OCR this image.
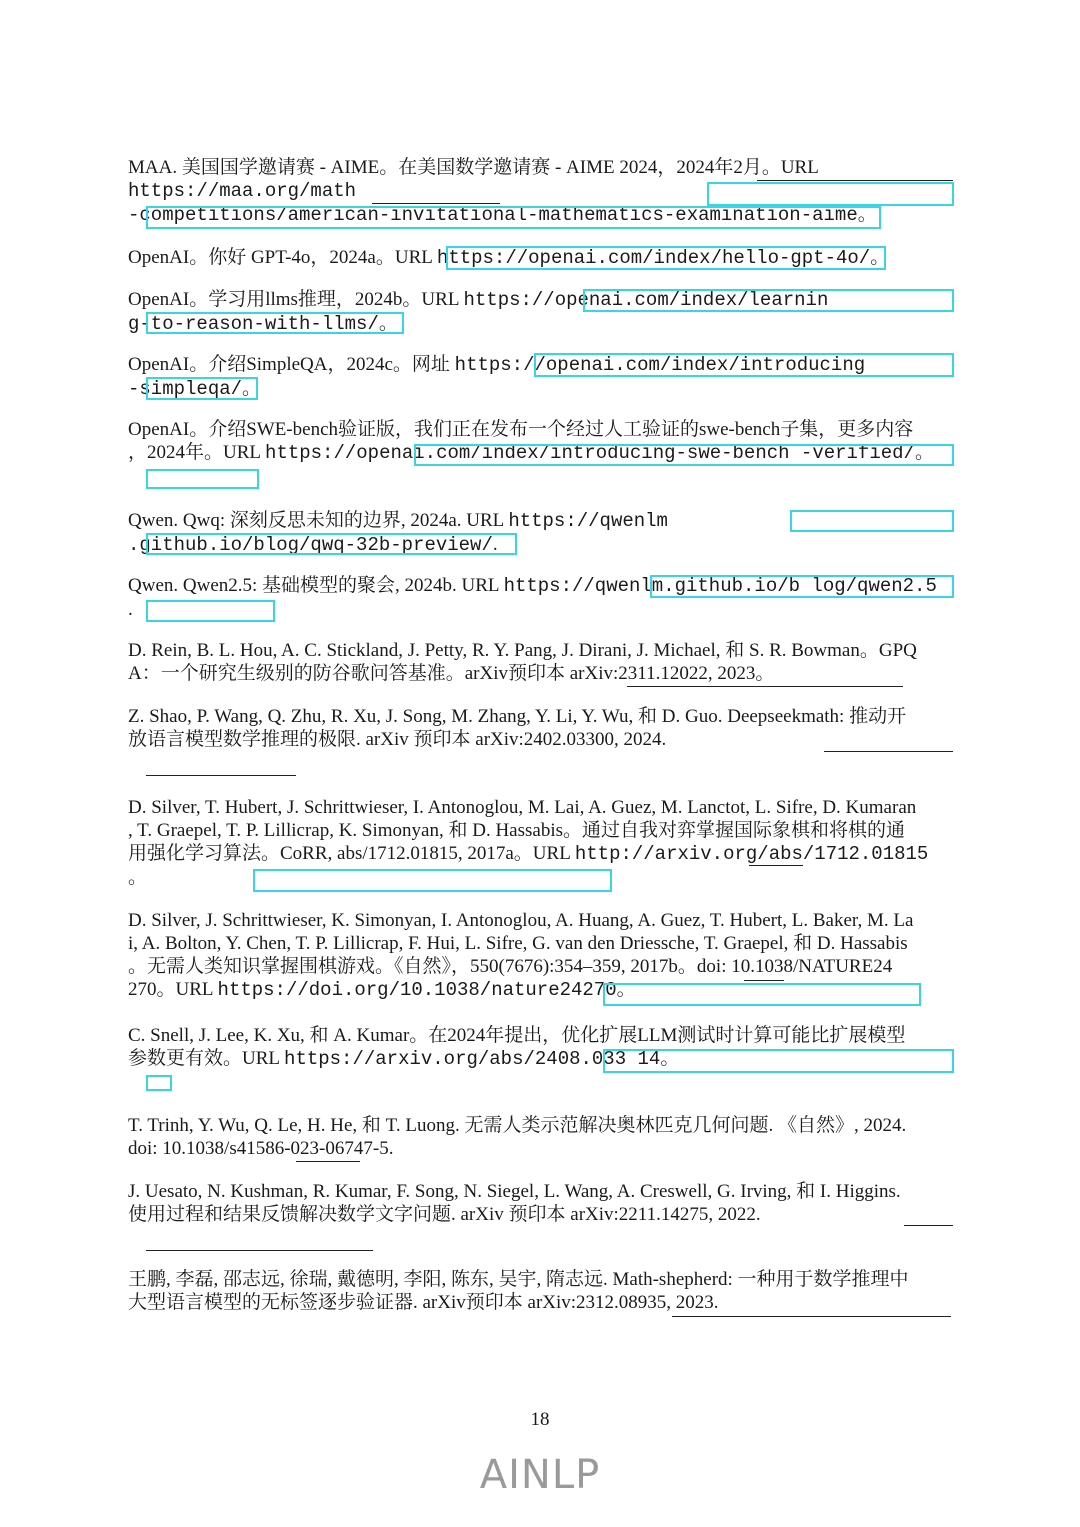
MAA. 美国国学邀请赛 - AIME。在美国数学邀请赛 - AIME 2024，2024年2月。URL

https://maa.org/math

-competitions/american-invitational-mathematics-examination-aime。

OpenAI。你好 GPT-4o，2024a。URL https://openai.com/index/hello-gpt-4o/。

OpenAI。学习用llms推理，2024b。URL https://openai.com/index/learnin

g-to-reason-with-llms/。

OpenAI。介绍SimpleQA，2024c。网址 https://openai.com/index/introducing

-simpleqa/。

OpenAI。介绍SWE-bench验证版，我们正在发布一个经过人工验证的swe-bench子集，更多内容

，2024年。URL https://openai.com/index/introducing-swe-bench -verified/。

Qwen. Qwq: 深刻反思未知的边界, 2024a. URL https://qwenlm

.github.io/blog/qwq-32b-preview/.

Qwen. Qwen2.5: 基础模型的聚会, 2024b. URL https://qwenlm.github.io/b log/qwen2.5

.

D. Rein, B. L. Hou, A. C. Stickland, J. Petty, R. Y. Pang, J. Dirani, J. Michael, 和 S. R. Bowman。GPQ

A：一个研究生级别的防谷歌问答基准。arXiv预印本 arXiv:2311.12022, 2023。

Z. Shao, P. Wang, Q. Zhu, R. Xu, J. Song, M. Zhang, Y. Li, Y. Wu, 和 D. Guo. Deepseekmath: 推动开

放语言模型数学推理的极限. arXiv 预印本 arXiv:2402.03300, 2024.

D. Silver, T. Hubert, J. Schrittwieser, I. Antonoglou, M. Lai, A. Guez, M. Lanctot, L. Sifre, D. Kumaran

, T. Graepel, T. P. Lillicrap, K. Simonyan, 和 D. Hassabis。通过自我对弈掌握国际象棋和将棋的通

用强化学习算法。CoRR, abs/1712.01815, 2017a。URL http://arxiv.org/abs/1712.01815

。

D. Silver, J. Schrittwieser, K. Simonyan, I. Antonoglou, A. Huang, A. Guez, T. Hubert, L. Baker, M. La

i, A. Bolton, Y. Chen, T. P. Lillicrap, F. Hui, L. Sifre, G. van den Driessche, T. Graepel, 和 D. Hassabis

。无需人类知识掌握围棋游戏。《自然》，550(7676):354–359, 2017b。doi: 10.1038/NATURE24

270。URL https://doi.org/10.1038/nature24270。

C. Snell, J. Lee, K. Xu, 和 A. Kumar。在2024年提出，优化扩展LLM测试时计算可能比扩展模型

参数更有效。URL https://arxiv.org/abs/2408.033 14。

T. Trinh, Y. Wu, Q. Le, H. He, 和 T. Luong. 无需人类示范解决奥林匹克几何问题. 《自然》, 2024.

doi: 10.1038/s41586-023-06747-5.

J. Uesato, N. Kushman, R. Kumar, F. Song, N. Siegel, L. Wang, A. Creswell, G. Irving, 和 I. Higgins.

使用过程和结果反馈解决数学文字问题. arXiv 预印本 arXiv:2211.14275, 2022.

王鹏, 李磊, 邵志远, 徐瑞, 戴德明, 李阳, 陈东, 吴宇, 隋志远. Math-shepherd: 一种用于数学推理中

大型语言模型的无标签逐步验证器. arXiv预印本 arXiv:2312.08935, 2023.

18
AINLP
